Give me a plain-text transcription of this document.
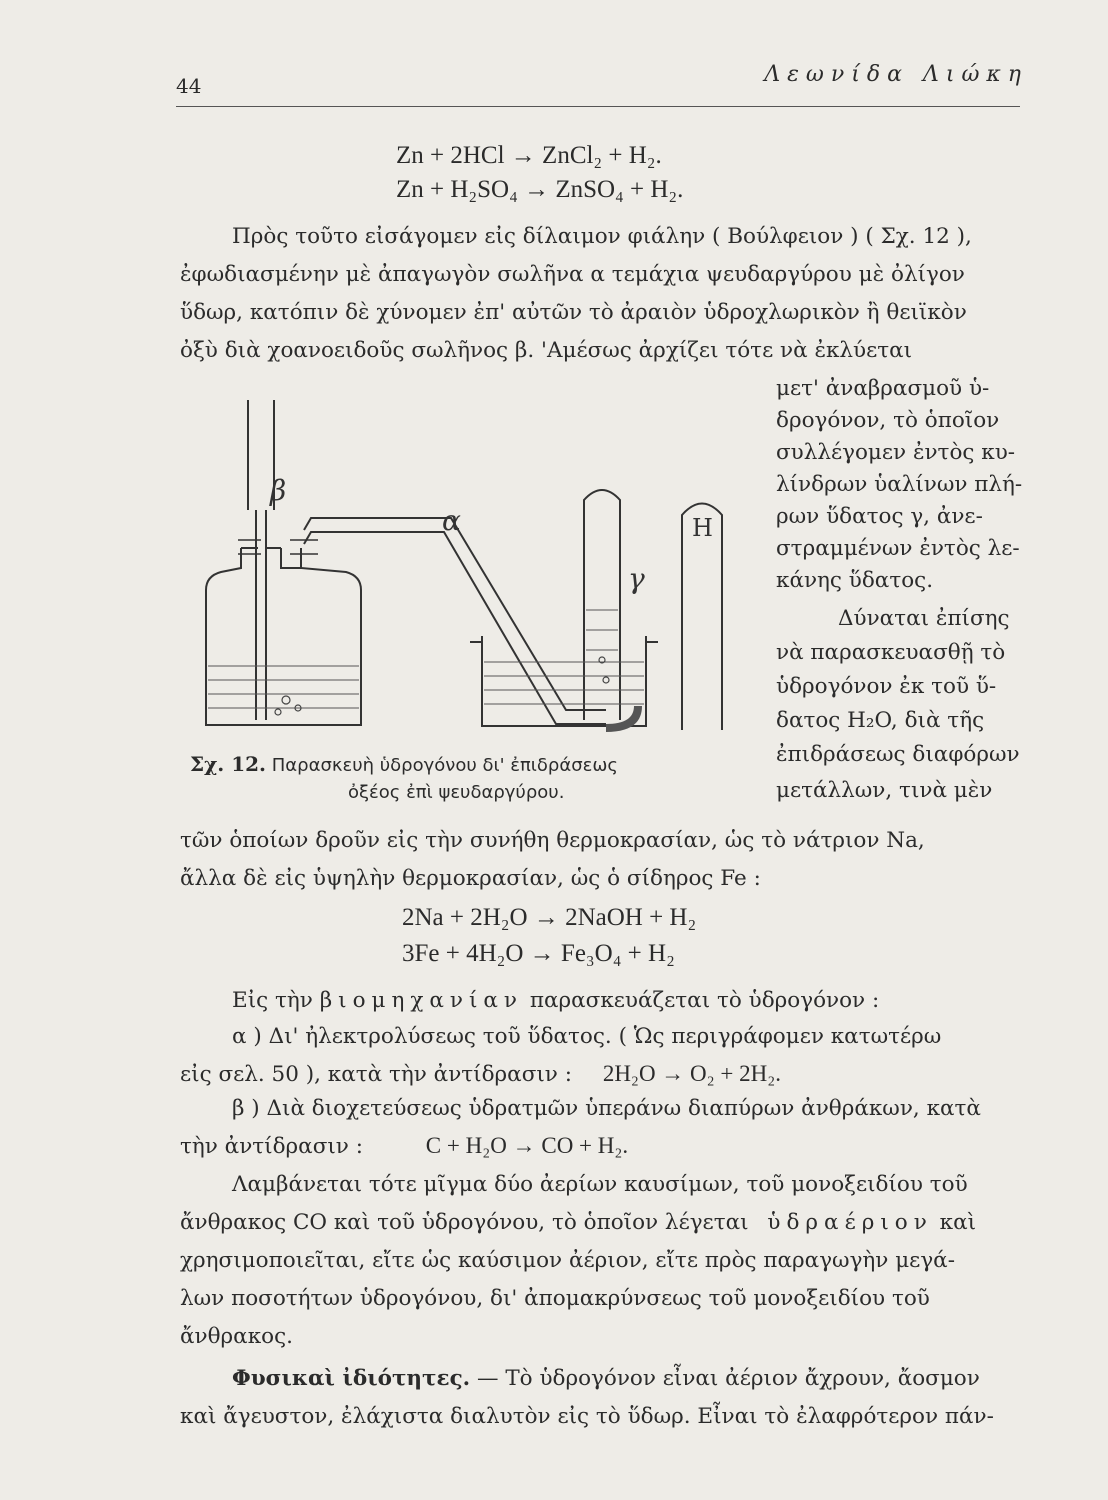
44	Λεωνίδα Λιώκη
Zn + 2HCl → ZnCl₂ + H₂.
Zn + H₂SO₄ → ZnSO₄ + H₂.
Πρὸς τοῦτο εἰσάγομεν εἰς δίλαιμον φιάλην ( Βούλφειον ) ( Σχ. 12 ),
ἐφωδιασμένην μὲ ἀπαγωγὸν σωλῆνα α τεμάχια ψευδαργύρου μὲ ὀλίγον
ὕδωρ, κατόπιν δὲ χύνομεν ἐπ' αὐτῶν τὸ ἀραιὸν ὑδροχλωρικὸν ἢ θειϊκὸν
ὀξὺ διὰ χοανοειδοῦς σωλῆνος β. 'Αμέσως ἀρχίζει τότε νὰ ἐκλύεται
μετ' ἀναβρασμοῦ ὑ-
δρογόνον, τὸ ὁποῖον
συλλέγομεν ἐντὸς κυ-
λίνδρων ὑαλίνων πλή-
ρων ὕδατος γ, ἀνε-
στραμμένων ἐντὸς λε-
κάνης ὕδατος.
Δύναται ἐπίσης
νὰ παρασκευασθῇ τὸ
ὑδρογόνον ἐκ τοῦ ὕ-
δατος H₂O, διὰ τῆς
ἐπιδράσεως διαφόρων
μετάλλων, τινὰ μὲν
β
α
γ
H
Σχ. 12. Παρασκευὴ ὑδρογόνου δι' ἐπιδράσεως
ὀξέος ἐπὶ ψευδαργύρου.
τῶν ὁποίων δροῦν εἰς τὴν συνήθη θερμοκρασίαν, ὡς τὸ νάτριον Na,
ἄλλα δὲ εἰς ὑψηλὴν θερμοκρασίαν, ὡς ὁ σίδηρος Fe :
2Na + 2H₂O → 2NaOH + H₂
3Fe + 4H₂O → Fe₃O₄ + H₂
Εἰς τὴν βιομηχανίαν παρασκευάζεται τὸ ὑδρογόνον :
α ) Δι' ἠλεκτρολύσεως τοῦ ὕδατος. ( Ὡς περιγράφομεν κατωτέρω
εἰς σελ. 50 ), κατὰ τὴν ἀντίδρασιν : 2H₂O → O₂ + 2H₂.
β ) Διὰ διοχετεύσεως ὑδρατμῶν ὑπεράνω διαπύρων ἀνθράκων, κατὰ
τὴν ἀντίδρασιν :	C + H₂O → CO + H₂.
Λαμβάνεται τότε μῖγμα δύο ἀερίων καυσίμων, τοῦ μονοξειδίου τοῦ
ἄνθρακος CO καὶ τοῦ ὑδρογόνου, τὸ ὁποῖον λέγεται ὑδραέριον καὶ
χρησιμοποιεῖται, εἴτε ὡς καύσιμον ἀέριον, εἴτε πρὸς παραγωγὴν μεγά-
λων ποσοτήτων ὑδρογόνου, δι' ἀπομακρύνσεως τοῦ μονοξειδίου τοῦ
ἄνθρακος.
Φυσικαὶ ἰδιότητες. — Τὸ ὑδρογόνον εἶναι ἀέριον ἄχρουν, ἄοσμον
καὶ ἄγευστον, ἐλάχιστα διαλυτὸν εἰς τὸ ὕδωρ. Εἶναι τὸ ἐλαφρότερον πάν-
